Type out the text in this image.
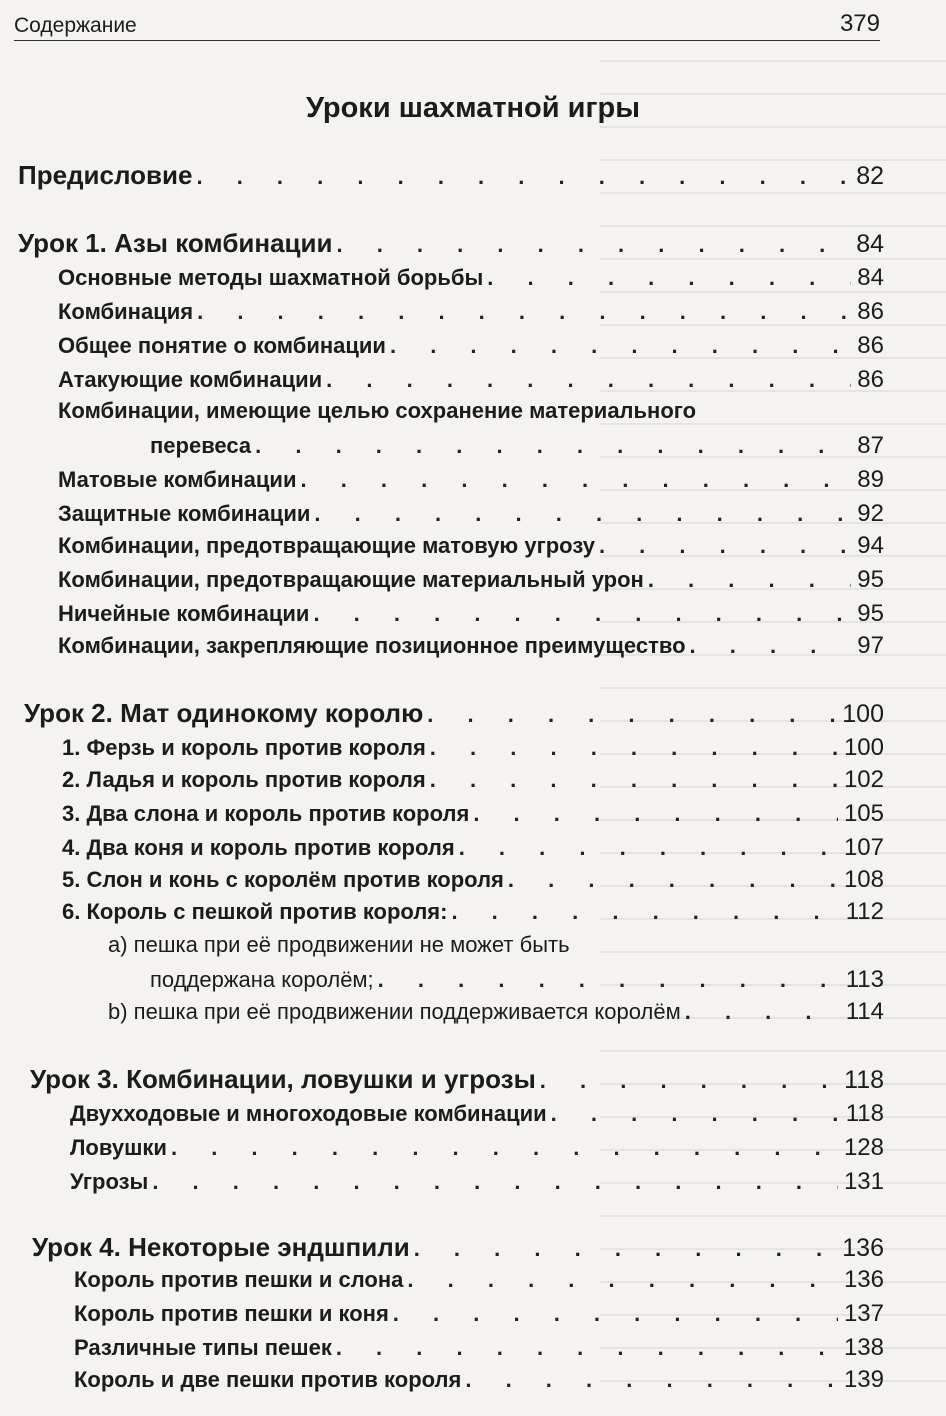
Содержание	379
Уроки шахматной игры
Предисловие . . .	82
Урок 1. Азы комбинации . . .	84
Основные методы шахматной борьбы . . .	84
Комбинация . . .	86
Общее понятие о комбинации . . .	86
Атакующие комбинации . . .	86
Комбинации, имеющие целью сохранение материального
перевеса . . .	87
Матовые комбинации . . .	89
Защитные комбинации . . .	92
Комбинации, предотвращающие матовую угрозу . . .	94
Комбинации, предотвращающие материальный урон . . .	95
Ничейные комбинации . . .	95
Комбинации, закрепляющие позиционное преимущество . . .	97
Урок 2. Мат одинокому королю . . .	100
1. Ферзь и король против короля . . .	100
2. Ладья и король против короля . . .	102
3. Два слона и король против короля . . .	105
4. Два коня и король против короля . . .	107
5. Слон и конь с королём против короля . . .	108
6. Король с пешкой против короля: . . .	112
a) пешка при её продвижении не может быть
поддержана королём; . . .	113
b) пешка при её продвижении поддерживается королём . . .	114
Урок 3. Комбинации, ловушки и угрозы . . .	118
Двухходовые и многоходовые комбинации . . .	118
Ловушки . . .	128
Угрозы . . .	131
Урок 4. Некоторые эндшпили . . .	136
Король против пешки и слона . . .	136
Король против пешки и коня . . .	137
Различные типы пешек . . .	138
Король и две пешки против короля . . .	139
